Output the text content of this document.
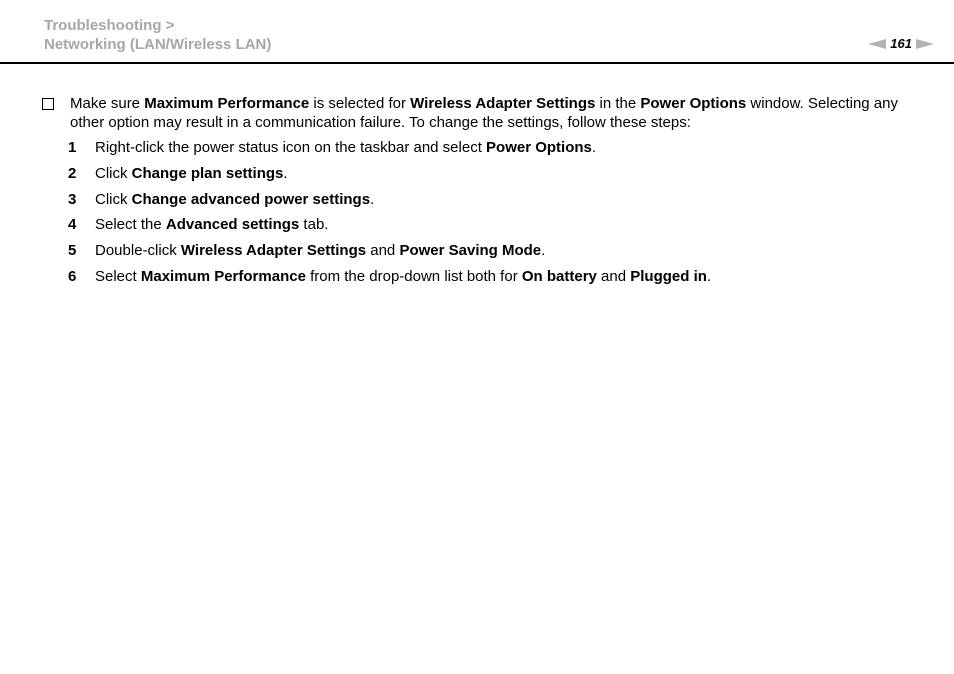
Troubleshooting >
Networking (LAN/Wireless LAN)	161
Make sure Maximum Performance is selected for Wireless Adapter Settings in the Power Options window. Selecting any other option may result in a communication failure. To change the settings, follow these steps:
1	Right-click the power status icon on the taskbar and select Power Options.
2	Click Change plan settings.
3	Click Change advanced power settings.
4	Select the Advanced settings tab.
5	Double-click Wireless Adapter Settings and Power Saving Mode.
6	Select Maximum Performance from the drop-down list both for On battery and Plugged in.
